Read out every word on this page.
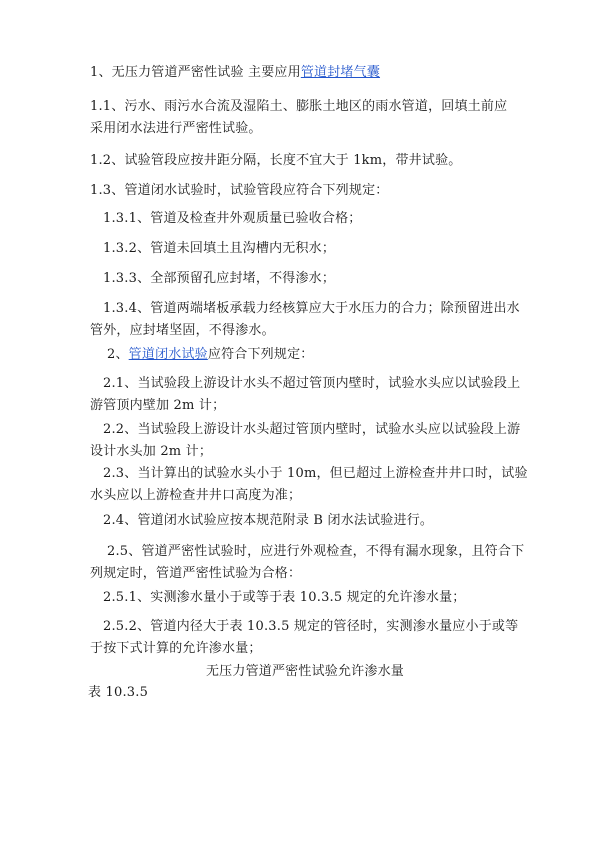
1、无压力管道严密性试验 主要应用管道封堵气囊
1.1、污水、雨污水合流及湿陷土、膨胀土地区的雨水管道，回填土前应采用闭水法进行严密性试验。
1.2、试验管段应按井距分隔，长度不宜大于 1km，带井试验。
1.3、管道闭水试验时，试验管段应符合下列规定：
1.3.1、管道及检查井外观质量已验收合格；
1.3.2、管道未回填土且沟槽内无积水；
1.3.3、全部预留孔应封堵，不得渗水；
1.3.4、管道两端堵板承载力经核算应大于水压力的合力；除预留进出水管外，应封堵坚固，不得渗水。
2、管道闭水试验应符合下列规定：
2.1、当试验段上游设计水头不超过管顶内壁时，试验水头应以试验段上游管顶内壁加 2m 计；
2.2、当试验段上游设计水头超过管顶内壁时，试验水头应以试验段上游设计水头加 2m 计；
2.3、当计算出的试验水头小于 10m，但已超过上游检查井井口时，试验水头应以上游检查井井口高度为准；
2.4、管道闭水试验应按本规范附录 B 闭水法试验进行。
2.5、管道严密性试验时，应进行外观检查，不得有漏水现象，且符合下列规定时，管道严密性试验为合格：
2.5.1、实测渗水量小于或等于表 10.3.5 规定的允许渗水量；
2.5.2、管道内径大于表 10.3.5 规定的管径时，实测渗水量应小于或等于按下式计算的允许渗水量；
无压力管道严密性试验允许渗水量
表 10.3.5
